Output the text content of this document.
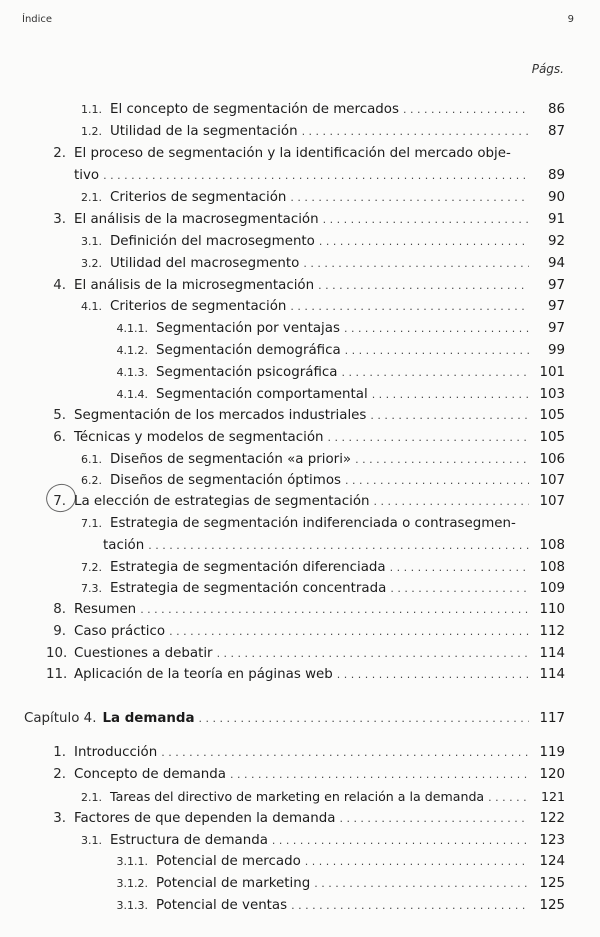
Índice	9
Págs.
1.1. El concepto de segmentación de mercados . . .	86
1.2. Utilidad de la segmentación . . .	87
2. El proceso de segmentación y la identificación del mercado obje-
tivo . . .	89
2.1. Criterios de segmentación . . .	90
3. El análisis de la macrosegmentación . . .	91
3.1. Definición del macrosegmento . . .	92
3.2. Utilidad del macrosegmento . . .	94
4. El análisis de la microsegmentación . . .	97
4.1. Criterios de segmentación . . .	97
4.1.1. Segmentación por ventajas . . .	97
4.1.2. Segmentación demográfica . . .	99
4.1.3. Segmentación psicográfica . . .	101
4.1.4. Segmentación comportamental . . .	103
5. Segmentación de los mercados industriales . . .	105
6. Técnicas y modelos de segmentación . . .	105
6.1. Diseños de segmentación «a priori» . . .	106
6.2. Diseños de segmentación óptimos . . .	107
7. La elección de estrategias de segmentación . . .	107
7.1. Estrategia de segmentación indiferenciada o contrasegmen-
tación . . .	108
7.2. Estrategia de segmentación diferenciada . . .	108
7.3. Estrategia de segmentación concentrada . . .	109
8. Resumen . . .	110
9. Caso práctico . . .	112
10. Cuestiones a debatir . . .	114
11. Aplicación de la teoría en páginas web . . .	114
Capítulo 4. La demanda . . .	117
1. Introducción . . .	119
2. Concepto de demanda . . .	120
2.1. Tareas del directivo de marketing en relación a la demanda . . .	121
3. Factores de que dependen la demanda . . .	122
3.1. Estructura de demanda . . .	123
3.1.1. Potencial de mercado . . .	124
3.1.2. Potencial de marketing . . .	125
3.1.3. Potencial de ventas . . .	125
